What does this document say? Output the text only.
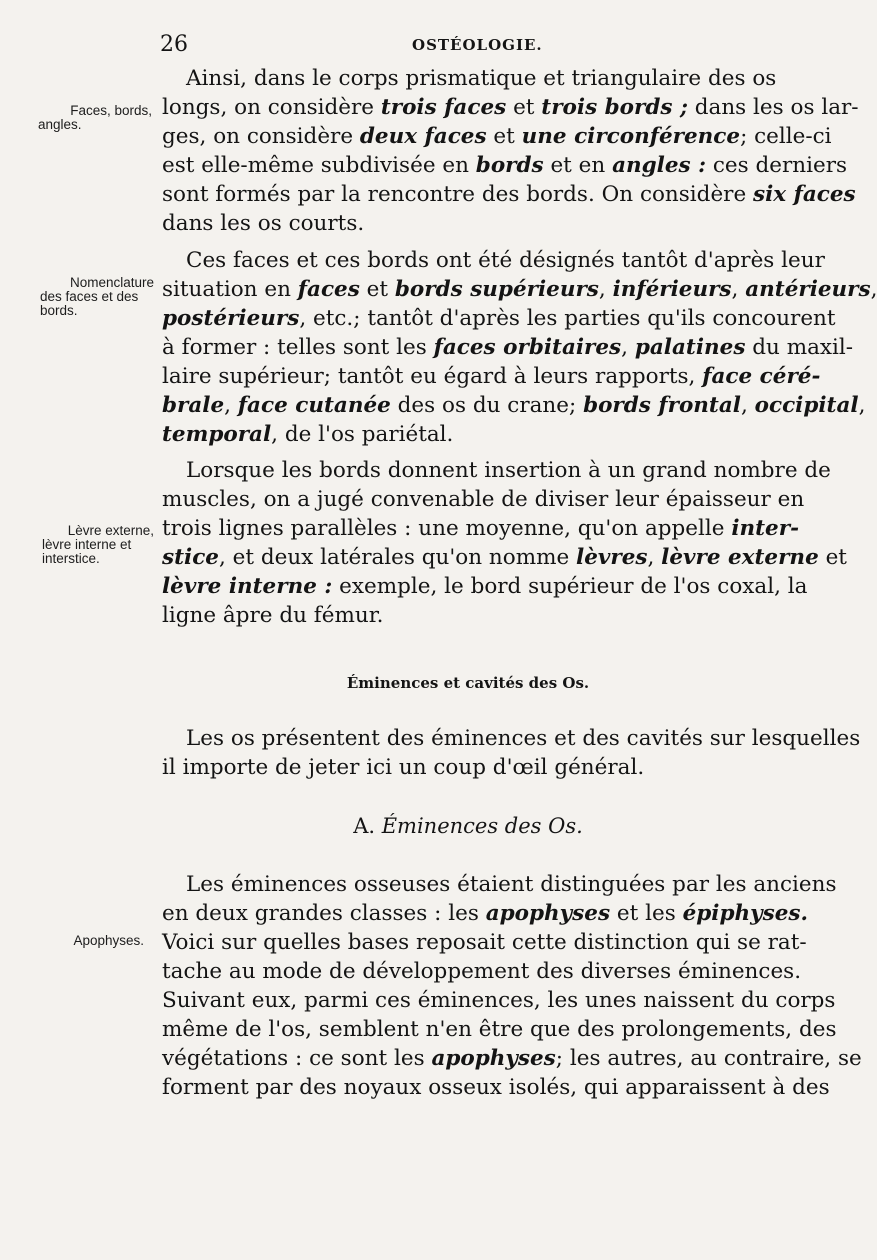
26	OSTÉOLOGIE.
Faces, bords,
angles.
Nomenclature
des faces et des
bords.
Lèvre externe,
lèvre interne et
interstice.
Apophyses.

Ainsi, dans le corps prismatique et triangulaire des os
longs, on considère trois faces et trois bords ; dans les os lar-
ges, on considère deux faces et une circonférence; celle-ci
est elle-même subdivisée en bords et en angles : ces derniers
sont formés par la rencontre des bords. On considère six faces
dans les os courts.

Ces faces et ces bords ont été désignés tantôt d'après leur
situation en faces et bords supérieurs, inférieurs, antérieurs,
postérieurs, etc.; tantôt d'après les parties qu'ils concourent
à former : telles sont les faces orbitaires, palatines du maxil-
laire supérieur; tantôt eu égard à leurs rapports, face céré-
brale, face cutanée des os du crane; bords frontal, occipital,
temporal, de l'os pariétal.

Lorsque les bords donnent insertion à un grand nombre de
muscles, on a jugé convenable de diviser leur épaisseur en
trois lignes parallèles : une moyenne, qu'on appelle inter-
stice, et deux latérales qu'on nomme lèvres, lèvre externe et
lèvre interne : exemple, le bord supérieur de l'os coxal, la
ligne âpre du fémur.

Éminences et cavités des Os.

Les os présentent des éminences et des cavités sur lesquelles
il importe de jeter ici un coup d'œil général.

A. Éminences des Os.

Les éminences osseuses étaient distinguées par les anciens
en deux grandes classes : les apophyses et les épiphyses.
Voici sur quelles bases reposait cette distinction qui se rat-
tache au mode de développement des diverses éminences.
Suivant eux, parmi ces éminences, les unes naissent du corps
même de l'os, semblent n'en être que des prolongements, des
végétations : ce sont les apophyses; les autres, au contraire, se
forment par des noyaux osseux isolés, qui apparaissent à des
